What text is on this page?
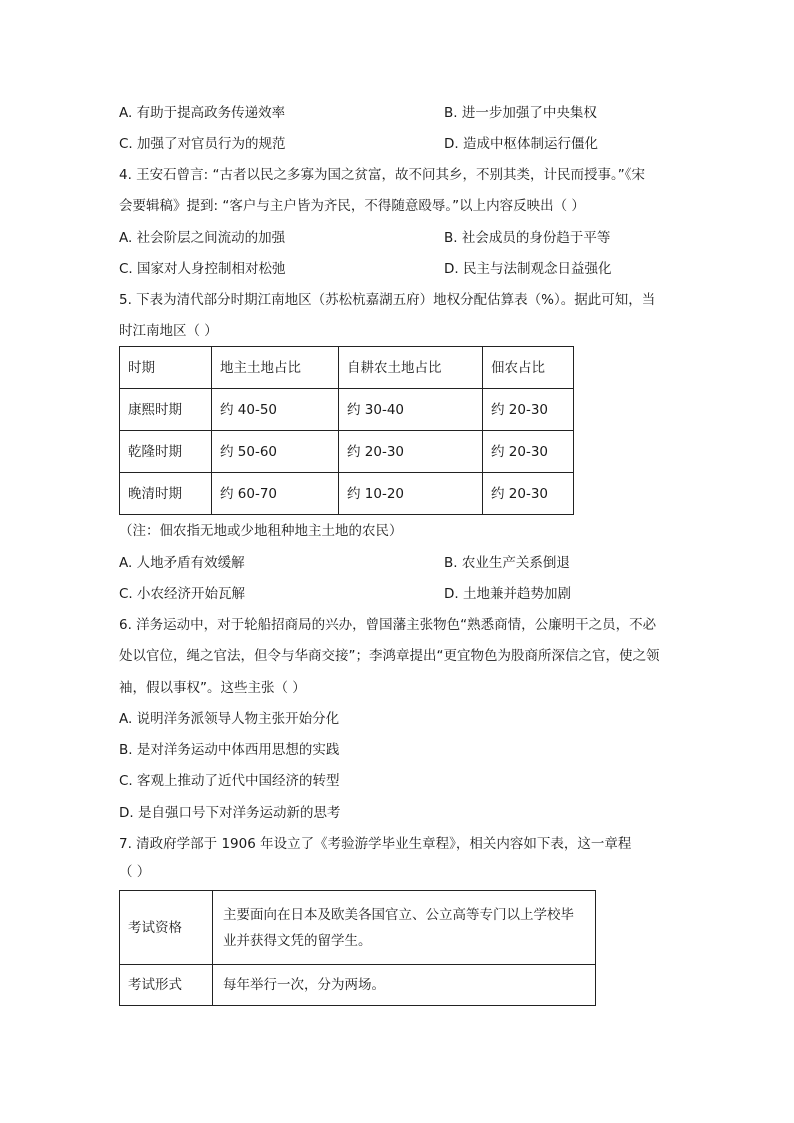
A. 有助于提高政务传递效率	B. 进一步加强了中央集权
C. 加强了对官员行为的规范	D. 造成中枢体制运行僵化
4. 王安石曾言: “古者以民之多寡为国之贫富，故不问其乡，不别其类，计民而授事。”《宋
会要辑稿》提到: “客户与主户皆为齐民，不得随意殴辱。”以上内容反映出（ ）
A. 社会阶层之间流动的加强	B. 社会成员的身份趋于平等
C. 国家对人身控制相对松弛	D. 民主与法制观念日益强化
5. 下表为清代部分时期江南地区（苏松杭嘉湖五府）地权分配估算表（%）。据此可知，当
时江南地区（ ）
时期	地主土地占比	自耕农土地占比	佃农占比
康熙时期	约 40-50	约 30-40	约 20-30
乾隆时期	约 50-60	约 20-30	约 20-30
晚清时期	约 60-70	约 10-20	约 20-30
（注：佃农指无地或少地租种地主土地的农民）
A. 人地矛盾有效缓解	B. 农业生产关系倒退
C. 小农经济开始瓦解	D. 土地兼并趋势加剧
6. 洋务运动中，对于轮船招商局的兴办，曾国藩主张物色“熟悉商情，公廉明干之员，不必
处以官位，绳之官法，但令与华商交接”；李鸿章提出“更宜物色为股商所深信之官，使之领
袖，假以事权”。这些主张（ ）
A. 说明洋务派领导人物主张开始分化
B. 是对洋务运动中体西用思想的实践
C. 客观上推动了近代中国经济的转型
D. 是自强口号下对洋务运动新的思考
7. 清政府学部于 1906 年设立了《考验游学毕业生章程》，相关内容如下表，这一章程
（ ）
考试资格	主要面向在日本及欧美各国官立、公立高等专门以上学校毕
业并获得文凭的留学生。

考试形式	每年举行一次，分为两场。
